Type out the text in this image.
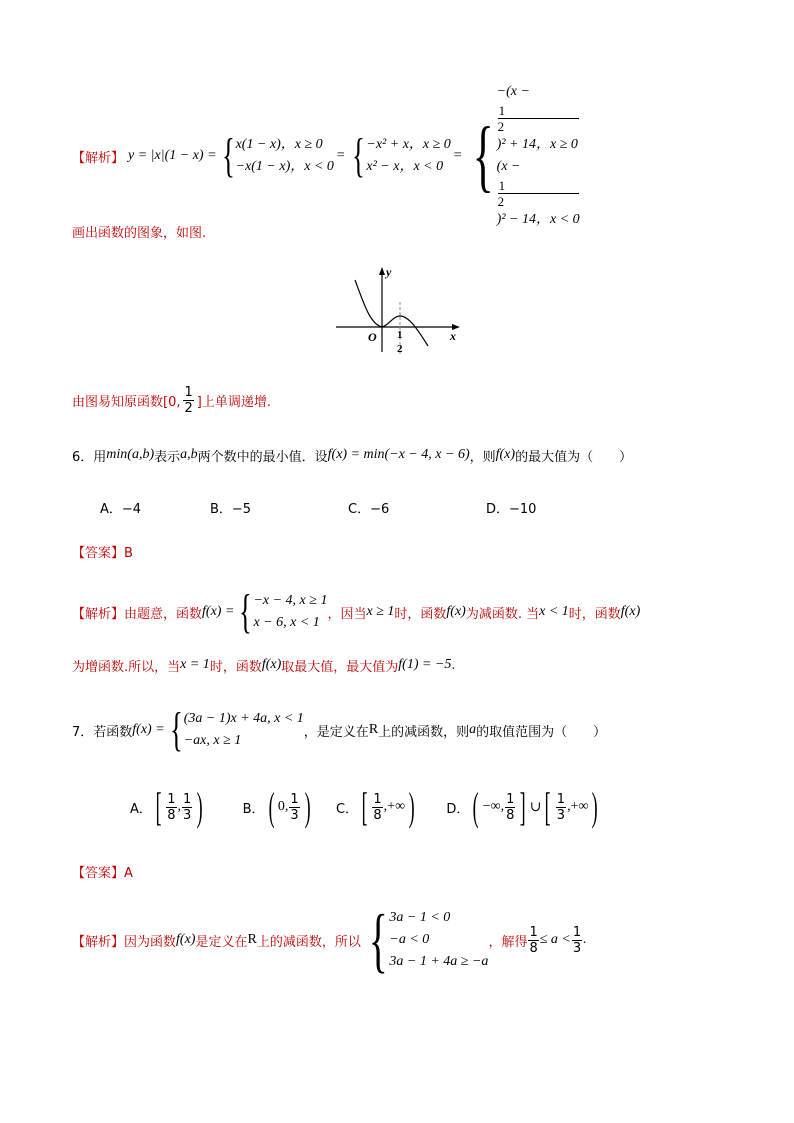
【解析】 y = |x|(1 − x) = { x(1 − x)，x ≥ 0
−x(1 − x)，x < 0
= { −x² + x，x ≥ 0
x² − x，x < 0
= {
−(x −
1
2
)² + 14，x ≥ 0
(x −
1
2
)² − 14，x < 0
画出函数的图象，如图.
y
x
O 1
2
由图易知原函数[0, $\frac{1}{2}$ ]上单调递增.
6．用 min(a,b) 表示 a,b 两个数中的最小值．设 f(x) = min(−x − 4, x − 6) ，则 f(x) 的最大值为（　　）
A．−4	B．−5	C．−6	D．−10
【答案】B
【解析】 由题意，函数 f(x) = { −x − 4, x ≥ 1
x − 6, x < 1
，因当 x ≥ 1 时，函数 f(x) 为减函数. 当 x < 1 时，函数 f(x)
为增函数.所以，当 x = 1 时，函数 f(x) 取最大值，最大值为 f(1) = −5 .
7．若函数 f(x) = { (3a − 1)x + 4a, x < 1
−ax, x ≥ 1
，是定义在 R 上的减函数，则 a 的取值范围为（　　）
A． [ $\frac{1}{8}$ , $\frac{1}{3}$ )	B． ( 0, $\frac{1}{3}$ ) C． [ $\frac{1}{8}$ , +∞ ) D． ( −∞, $\frac{1}{8}$ ] ∪ [ $\frac{1}{3}$ , +∞ )
【答案】A
【解析】 因为函数 f(x) 是定义在 R 上的减函数，所以 { 3a − 1 < 0
−a < 0
3a − 1 + 4a ≥ −a
，解得 $\frac{1}{8} \le a < \frac{1}{3}$ .
